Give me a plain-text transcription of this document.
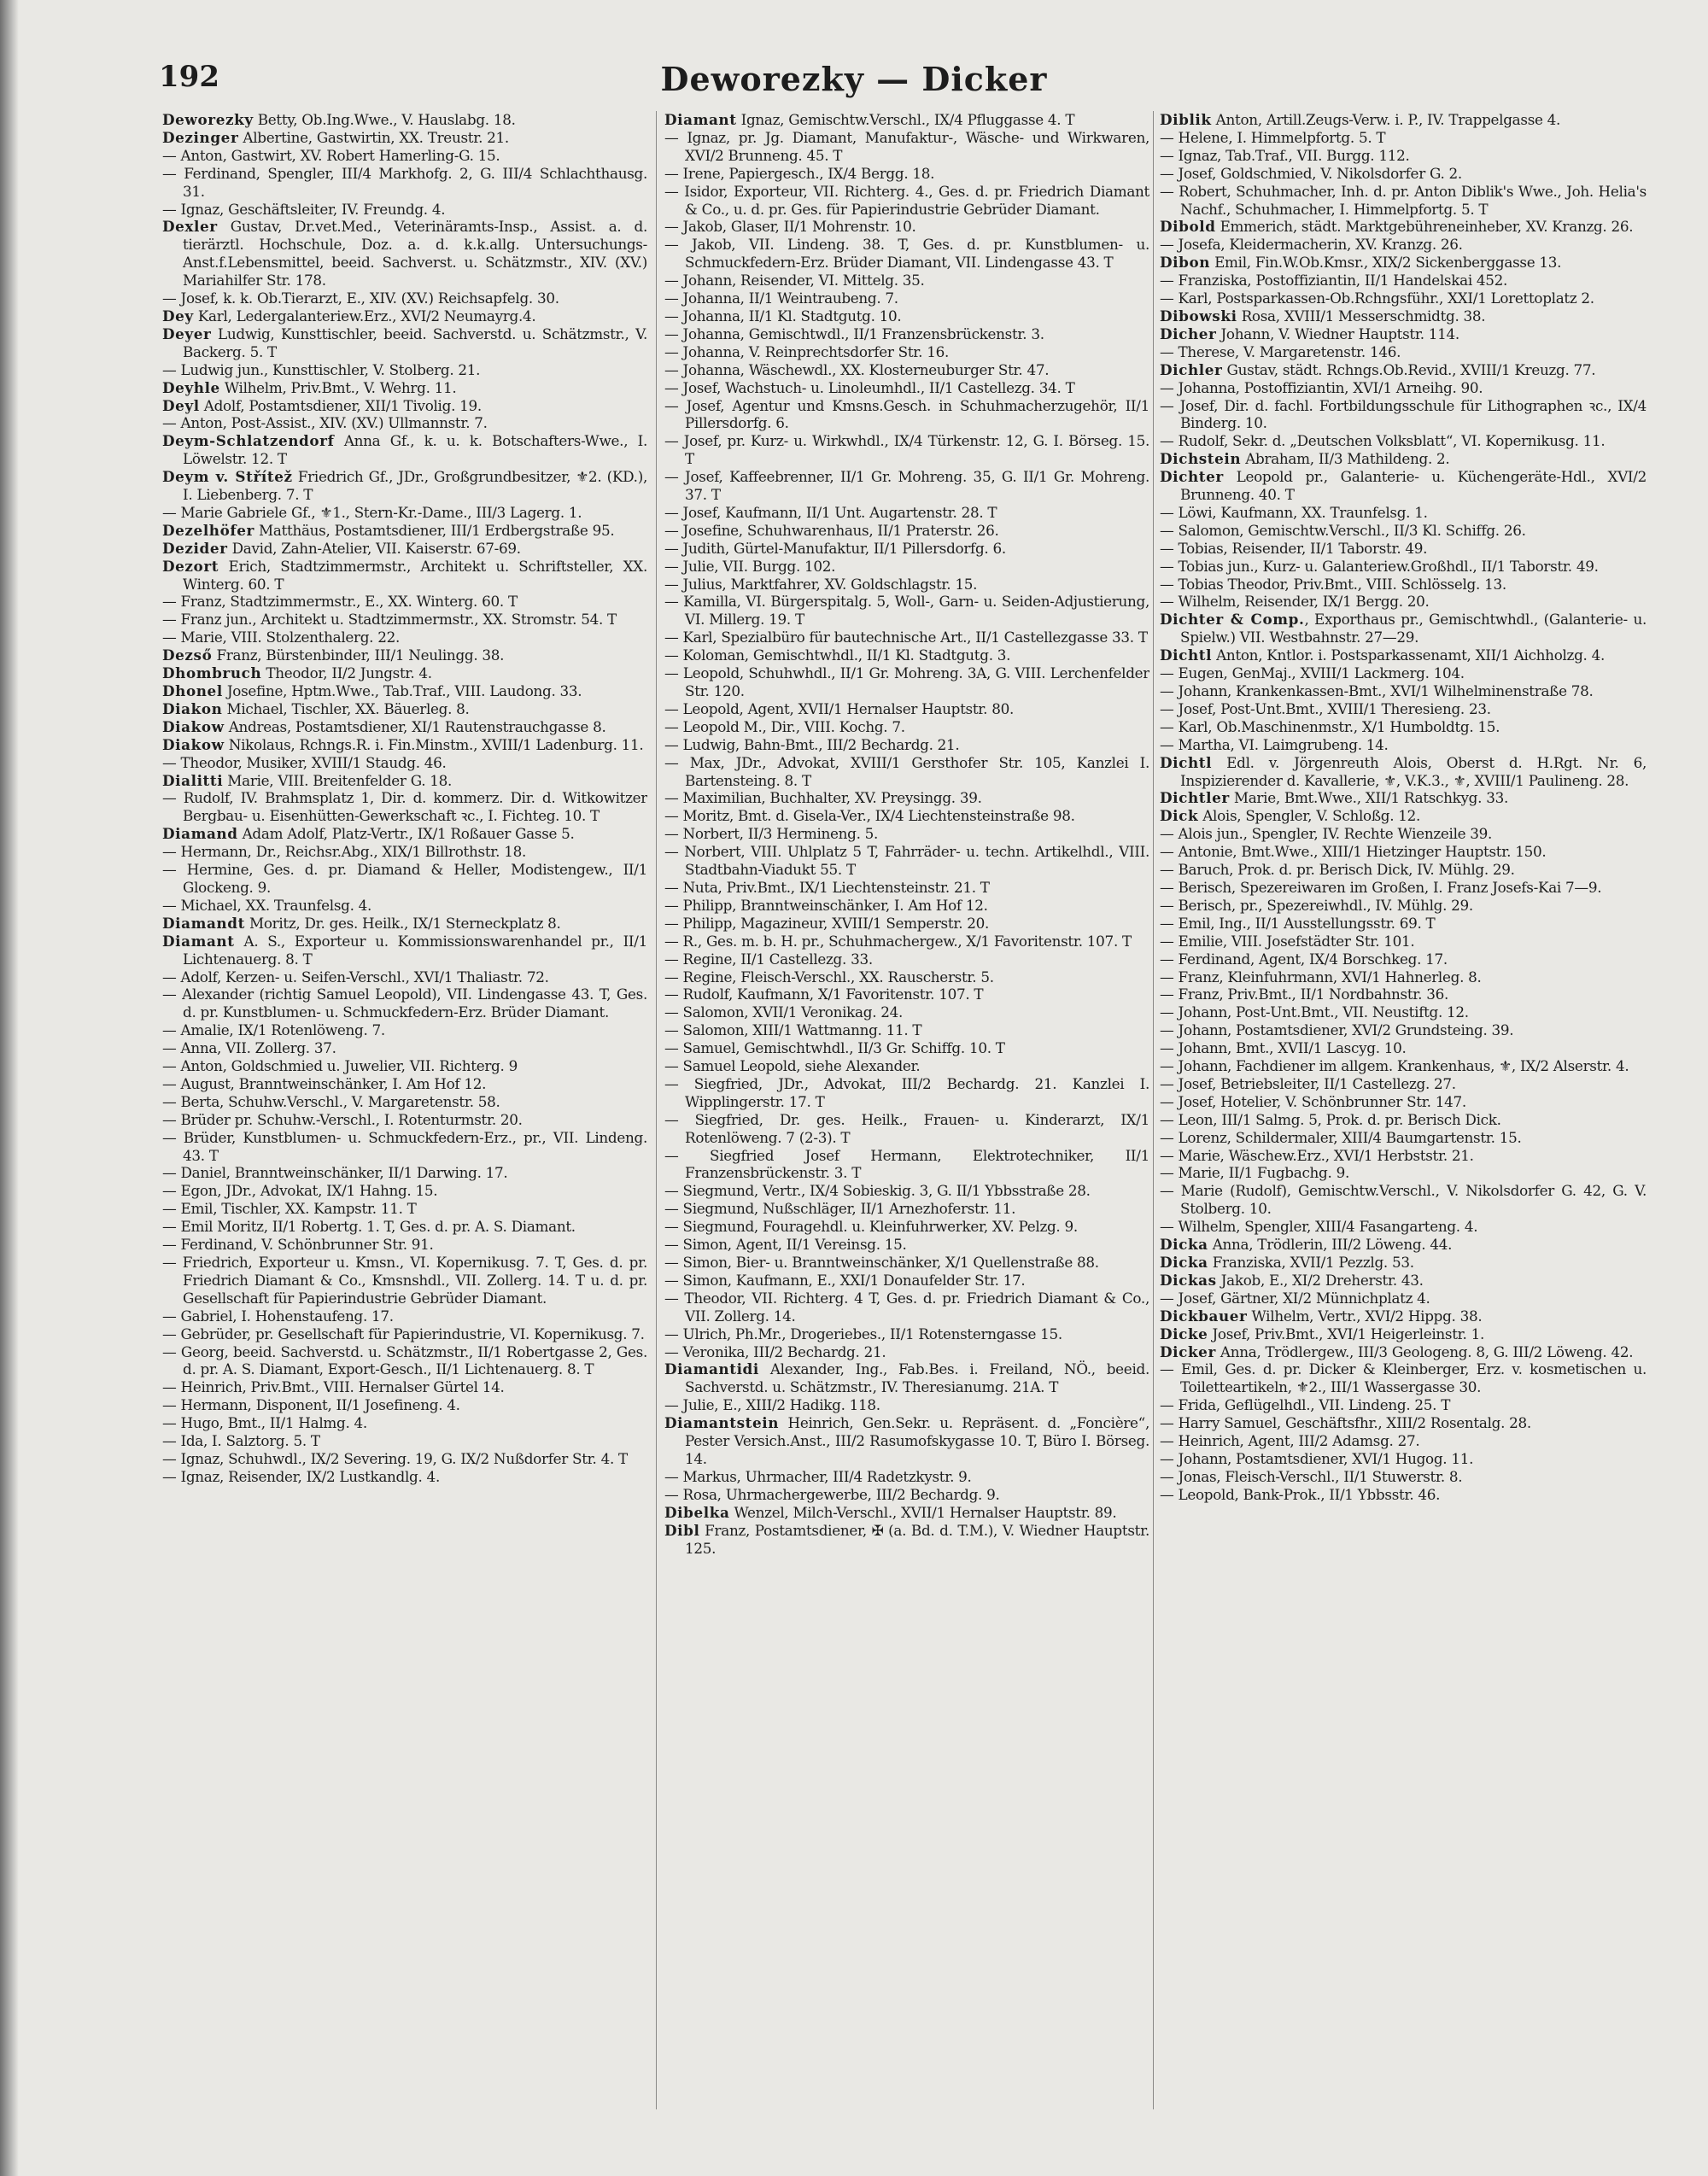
192	Deworezky — Dicker

Deworezky Betty, Ob.Ing.Wwe., V. Hauslabg. 18.

Dezinger Albertine, Gastwirtin, XX. Treustr. 21.

— Anton, Gastwirt, XV. Robert Hamerling-G. 15.

— Ferdinand, Spengler, III/4 Markhofg. 2, G. III/4 Schlachthausg. 31.

— Ignaz, Geschäftsleiter, IV. Freundg. 4.

Dexler Gustav, Dr.vet.Med., Veterinäramts-Insp., Assist. a. d. tierärztl. Hochschule, Doz. a. d. k.k.allg. Untersuchungs-Anst.f.Lebensmittel, beeid. Sachverst. u. Schätzmstr., XIV. (XV.) Mariahilfer Str. 178.

— Josef, k. k. Ob.Tierarzt, E., XIV. (XV.) Reichsapfelg. 30.

Dey Karl, Ledergalanteriew.Erz., XVI/2 Neumayrg.4.

Deyer Ludwig, Kunsttischler, beeid. Sachverstd. u. Schätzmstr., V. Backerg. 5. T

— Ludwig jun., Kunsttischler, V. Stolberg. 21.

Deyhle Wilhelm, Priv.Bmt., V. Wehrg. 11.

Deyl Adolf, Postamtsdiener, XII/1 Tivolig. 19.

— Anton, Post-Assist., XIV. (XV.) Ullmannstr. 7.

Deym-Schlatzendorf Anna Gf., k. u. k. Botschafters-Wwe., I. Löwelstr. 12. T

Deym v. Střítež Friedrich Gf., JDr., Großgrundbesitzer, ⚜2. (KD.), I. Liebenberg. 7. T

— Marie Gabriele Gf., ⚜1., Stern-Kr.-Dame., III/3 Lagerg. 1.

Dezelhöfer Matthäus, Postamtsdiener, III/1 Erdbergstraße 95.

Dezider David, Zahn-Atelier, VII. Kaiserstr. 67-69.

Dezort Erich, Stadtzimmermstr., Architekt u. Schriftsteller, XX. Winterg. 60. T

— Franz, Stadtzimmermstr., E., XX. Winterg. 60. T

— Franz jun., Architekt u. Stadtzimmermstr., XX. Stromstr. 54. T

— Marie, VIII. Stolzenthalerg. 22.

Dezső Franz, Bürstenbinder, III/1 Neulingg. 38.

Dhombruch Theodor, II/2 Jungstr. 4.

Dhonel Josefine, Hptm.Wwe., Tab.Traf., VIII. Laudong. 33.

Diakon Michael, Tischler, XX. Bäuerleg. 8.

Diakow Andreas, Postamtsdiener, XI/1 Rautenstrauchgasse 8.

Diakow Nikolaus, Rchngs.R. i. Fin.Minstm., XVIII/1 Ladenburg. 11.

— Theodor, Musiker, XVIII/1 Staudg. 46.

Dialitti Marie, VIII. Breitenfelder G. 18.

— Rudolf, IV. Brahmsplatz 1, Dir. d. kommerz. Dir. d. Witkowitzer Bergbau- u. Eisenhütten-Gewerkschaft ꝛc., I. Fichteg. 10. T

Diamand Adam Adolf, Platz-Vertr., IX/1 Roßauer Gasse 5.

— Hermann, Dr., Reichsr.Abg., XIX/1 Billrothstr. 18.

— Hermine, Ges. d. pr. Diamand & Heller, Modistengew., II/1 Glockeng. 9.

— Michael, XX. Traunfelsg. 4.

Diamandt Moritz, Dr. ges. Heilk., IX/1 Sterneckplatz 8.

Diamant A. S., Exporteur u. Kommissionswarenhandel pr., II/1 Lichtenauerg. 8. T

— Adolf, Kerzen- u. Seifen-Verschl., XVI/1 Thaliastr. 72.

— Alexander (richtig Samuel Leopold), VII. Lindengasse 43. T, Ges. d. pr. Kunstblumen- u. Schmuckfedern-Erz. Brüder Diamant.

— Amalie, IX/1 Rotenlöweng. 7.

— Anna, VII. Zollerg. 37.

— Anton, Goldschmied u. Juwelier, VII. Richterg. 9

— August, Branntweinschänker, I. Am Hof 12.

— Berta, Schuhw.Verschl., V. Margaretenstr. 58.

— Brüder pr. Schuhw.-Verschl., I. Rotenturmstr. 20.

— Brüder, Kunstblumen- u. Schmuckfedern-Erz., pr., VII. Lindeng. 43. T

— Daniel, Branntweinschänker, II/1 Darwing. 17.

— Egon, JDr., Advokat, IX/1 Hahng. 15.

— Emil, Tischler, XX. Kampstr. 11. T

— Emil Moritz, II/1 Robertg. 1. T, Ges. d. pr. A. S. Diamant.

— Ferdinand, V. Schönbrunner Str. 91.

— Friedrich, Exporteur u. Kmsn., VI. Kopernikusg. 7. T, Ges. d. pr. Friedrich Diamant & Co., Kmsnshdl., VII. Zollerg. 14. T u. d. pr. Gesellschaft für Papierindustrie Gebrüder Diamant.

— Gabriel, I. Hohenstaufeng. 17.

— Gebrüder, pr. Gesellschaft für Papierindustrie, VI. Kopernikusg. 7.

— Georg, beeid. Sachverstd. u. Schätzmstr., II/1 Robertgasse 2, Ges. d. pr. A. S. Diamant, Export-Gesch., II/1 Lichtenauerg. 8. T

— Heinrich, Priv.Bmt., VIII. Hernalser Gürtel 14.

— Hermann, Disponent, II/1 Josefineng. 4.

— Hugo, Bmt., II/1 Halmg. 4.

— Ida, I. Salztorg. 5. T

— Ignaz, Schuhwdl., IX/2 Severing. 19, G. IX/2 Nußdorfer Str. 4. T

— Ignaz, Reisender, IX/2 Lustkandlg. 4.

Diamant Ignaz, Gemischtw.Verschl., IX/4 Pfluggasse 4. T

— Ignaz, pr. Jg. Diamant, Manufaktur-, Wäsche- und Wirkwaren, XVI/2 Brunneng. 45. T

— Irene, Papiergesch., IX/4 Bergg. 18.

— Isidor, Exporteur, VII. Richterg. 4., Ges. d. pr. Friedrich Diamant & Co., u. d. pr. Ges. für Papierindustrie Gebrüder Diamant.

— Jakob, Glaser, II/1 Mohrenstr. 10.

— Jakob, VII. Lindeng. 38. T, Ges. d. pr. Kunstblumen- u. Schmuckfedern-Erz. Brüder Diamant, VII. Lindengasse 43. T

— Johann, Reisender, VI. Mittelg. 35.

— Johanna, II/1 Weintraubeng. 7.

— Johanna, II/1 Kl. Stadtgutg. 10.

— Johanna, Gemischtwdl., II/1 Franzensbrückenstr. 3.

— Johanna, V. Reinprechtsdorfer Str. 16.

— Johanna, Wäschewdl., XX. Klosterneuburger Str. 47.

— Josef, Wachstuch- u. Linoleumhdl., II/1 Castellezg. 34. T

— Josef, Agentur und Kmsns.Gesch. in Schuhmacherzugehör, II/1 Pillersdorfg. 6.

— Josef, pr. Kurz- u. Wirkwhdl., IX/4 Türkenstr. 12, G. I. Börseg. 15. T

— Josef, Kaffeebrenner, II/1 Gr. Mohreng. 35, G. II/1 Gr. Mohreng. 37. T

— Josef, Kaufmann, II/1 Unt. Augartenstr. 28. T

— Josefine, Schuhwarenhaus, II/1 Praterstr. 26.

— Judith, Gürtel-Manufaktur, II/1 Pillersdorfg. 6.

— Julie, VII. Burgg. 102.

— Julius, Marktfahrer, XV. Goldschlagstr. 15.

— Kamilla, VI. Bürgerspitalg. 5, Woll-, Garn- u. Seiden-Adjustierung, VI. Millerg. 19. T

— Karl, Spezialbüro für bautechnische Art., II/1 Castellezgasse 33. T

— Koloman, Gemischtwhdl., II/1 Kl. Stadtgutg. 3.

— Leopold, Schuhwhdl., II/1 Gr. Mohreng. 3A, G. VIII. Lerchenfelder Str. 120.

— Leopold, Agent, XVII/1 Hernalser Hauptstr. 80.

— Leopold M., Dir., VIII. Kochg. 7.

— Ludwig, Bahn-Bmt., III/2 Bechardg. 21.

— Max, JDr., Advokat, XVIII/1 Gersthofer Str. 105, Kanzlei I. Bartensteing. 8. T

— Maximilian, Buchhalter, XV. Preysingg. 39.

— Moritz, Bmt. d. Gisela-Ver., IX/4 Liechtensteinstraße 98.

— Norbert, II/3 Hermineng. 5.

— Norbert, VIII. Uhlplatz 5 T, Fahrräder- u. techn. Artikelhdl., VIII. Stadtbahn-Viadukt 55. T

— Nuta, Priv.Bmt., IX/1 Liechtensteinstr. 21. T

— Philipp, Branntweinschänker, I. Am Hof 12.

— Philipp, Magazineur, XVIII/1 Semperstr. 20.

— R., Ges. m. b. H. pr., Schuhmachergew., X/1 Favoritenstr. 107. T

— Regine, II/1 Castellezg. 33.

— Regine, Fleisch-Verschl., XX. Rauscherstr. 5.

— Rudolf, Kaufmann, X/1 Favoritenstr. 107. T

— Salomon, XVII/1 Veronikag. 24.

— Salomon, XIII/1 Wattmanng. 11. T

— Samuel, Gemischtwhdl., II/3 Gr. Schiffg. 10. T

— Samuel Leopold, siehe Alexander.

— Siegfried, JDr., Advokat, III/2 Bechardg. 21. Kanzlei I. Wipplingerstr. 17. T

— Siegfried, Dr. ges. Heilk., Frauen- u. Kinderarzt, IX/1 Rotenlöweng. 7 (2-3). T

— Siegfried Josef Hermann, Elektrotechniker, II/1 Franzensbrückenstr. 3. T

— Siegmund, Vertr., IX/4 Sobieskig. 3, G. II/1 Ybbsstraße 28.

— Siegmund, Nußschläger, II/1 Arnezhoferstr. 11.

— Siegmund, Fouragehdl. u. Kleinfuhrwerker, XV. Pelzg. 9.

— Simon, Agent, II/1 Vereinsg. 15.

— Simon, Bier- u. Branntweinschänker, X/1 Quellenstraße 88.

— Simon, Kaufmann, E., XXI/1 Donaufelder Str. 17.

— Theodor, VII. Richterg. 4 T, Ges. d. pr. Friedrich Diamant & Co., VII. Zollerg. 14.

— Ulrich, Ph.Mr., Drogeriebes., II/1 Rotensterngasse 15.

— Veronika, III/2 Bechardg. 21.

Diamantidi Alexander, Ing., Fab.Bes. i. Freiland, NÖ., beeid. Sachverstd. u. Schätzmstr., IV. Theresianumg. 21A. T

— Julie, E., XIII/2 Hadikg. 118.

Diamantstein Heinrich, Gen.Sekr. u. Repräsent. d. „Foncière“, Pester Versich.Anst., III/2 Rasumofskygasse 10. T, Büro I. Börseg. 14.

— Markus, Uhrmacher, III/4 Radetzkystr. 9.

— Rosa, Uhrmachergewerbe, III/2 Bechardg. 9.

Dibelka Wenzel, Milch-Verschl., XVII/1 Hernalser Hauptstr. 89.

Dibl Franz, Postamtsdiener, ✠ (a. Bd. d. T.M.), V. Wiedner Hauptstr. 125.

Diblik Anton, Artill.Zeugs-Verw. i. P., IV. Trappelgasse 4.

— Helene, I. Himmelpfortg. 5. T

— Ignaz, Tab.Traf., VII. Burgg. 112.

— Josef, Goldschmied, V. Nikolsdorfer G. 2.

— Robert, Schuhmacher, Inh. d. pr. Anton Diblik's Wwe., Joh. Helia's Nachf., Schuhmacher, I. Himmelpfortg. 5. T

Dibold Emmerich, städt. Marktgebühreneinheber, XV. Kranzg. 26.

— Josefa, Kleidermacherin, XV. Kranzg. 26.

Dibon Emil, Fin.W.Ob.Kmsr., XIX/2 Sickenberggasse 13.

— Franziska, Postoffiziantin, II/1 Handelskai 452.

— Karl, Postsparkassen-Ob.Rchngsführ., XXI/1 Lorettoplatz 2.

Dibowski Rosa, XVIII/1 Messerschmidtg. 38.

Dicher Johann, V. Wiedner Hauptstr. 114.

— Therese, V. Margaretenstr. 146.

Dichler Gustav, städt. Rchngs.Ob.Revid., XVIII/1 Kreuzg. 77.

— Johanna, Postoffiziantin, XVI/1 Arneihg. 90.

— Josef, Dir. d. fachl. Fortbildungsschule für Lithographen ꝛc., IX/4 Binderg. 10.

— Rudolf, Sekr. d. „Deutschen Volksblatt“, VI. Kopernikusg. 11.

Dichstein Abraham, II/3 Mathildeng. 2.

Dichter Leopold pr., Galanterie- u. Küchengeräte-Hdl., XVI/2 Brunneng. 40. T

— Löwi, Kaufmann, XX. Traunfelsg. 1.

— Salomon, Gemischtw.Verschl., II/3 Kl. Schiffg. 26.

— Tobias, Reisender, II/1 Taborstr. 49.

— Tobias jun., Kurz- u. Galanteriew.Großhdl., II/1 Taborstr. 49.

— Tobias Theodor, Priv.Bmt., VIII. Schlösselg. 13.

— Wilhelm, Reisender, IX/1 Bergg. 20.

Dichter & Comp., Exporthaus pr., Gemischtwhdl., (Galanterie- u. Spielw.) VII. Westbahnstr. 27—29.

Dichtl Anton, Kntlor. i. Postsparkassenamt, XII/1 Aichholzg. 4.

— Eugen, GenMaj., XVIII/1 Lackmerg. 104.

— Johann, Krankenkassen-Bmt., XVI/1 Wilhelminenstraße 78.

— Josef, Post-Unt.Bmt., XVIII/1 Theresieng. 23.

— Karl, Ob.Maschinenmstr., X/1 Humboldtg. 15.

— Martha, VI. Laimgrubeng. 14.

Dichtl Edl. v. Jörgenreuth Alois, Oberst d. H.Rgt. Nr. 6, Inspizierender d. Kavallerie, ⚜, V.K.3., ⚜, XVIII/1 Paulineng. 28.

Dichtler Marie, Bmt.Wwe., XII/1 Ratschkyg. 33.

Dick Alois, Spengler, V. Schloßg. 12.

— Alois jun., Spengler, IV. Rechte Wienzeile 39.

— Antonie, Bmt.Wwe., XIII/1 Hietzinger Hauptstr. 150.

— Baruch, Prok. d. pr. Berisch Dick, IV. Mühlg. 29.

— Berisch, Spezereiwaren im Großen, I. Franz Josefs-Kai 7—9.

— Berisch, pr., Spezereiwhdl., IV. Mühlg. 29.

— Emil, Ing., II/1 Ausstellungsstr. 69. T

— Emilie, VIII. Josefstädter Str. 101.

— Ferdinand, Agent, IX/4 Borschkeg. 17.

— Franz, Kleinfuhrmann, XVI/1 Hahnerleg. 8.

— Franz, Priv.Bmt., II/1 Nordbahnstr. 36.

— Johann, Post-Unt.Bmt., VII. Neustiftg. 12.

— Johann, Postamtsdiener, XVI/2 Grundsteing. 39.

— Johann, Bmt., XVII/1 Lascyg. 10.

— Johann, Fachdiener im allgem. Krankenhaus, ⚜, IX/2 Alserstr. 4.

— Josef, Betriebsleiter, II/1 Castellezg. 27.

— Josef, Hotelier, V. Schönbrunner Str. 147.

— Leon, III/1 Salmg. 5, Prok. d. pr. Berisch Dick.

— Lorenz, Schildermaler, XIII/4 Baumgartenstr. 15.

— Marie, Wäschew.Erz., XVI/1 Herbststr. 21.

— Marie, II/1 Fugbachg. 9.

— Marie (Rudolf), Gemischtw.Verschl., V. Nikolsdorfer G. 42, G. V. Stolberg. 10.

— Wilhelm, Spengler, XIII/4 Fasangarteng. 4.

Dicka Anna, Trödlerin, III/2 Löweng. 44.

Dicka Franziska, XVII/1 Pezzlg. 53.

Dickas Jakob, E., XI/2 Dreherstr. 43.

— Josef, Gärtner, XI/2 Münnichplatz 4.

Dickbauer Wilhelm, Vertr., XVI/2 Hippg. 38.

Dicke Josef, Priv.Bmt., XVI/1 Heigerleinstr. 1.

Dicker Anna, Trödlergew., III/3 Geologeng. 8, G. III/2 Löweng. 42.

— Emil, Ges. d. pr. Dicker & Kleinberger, Erz. v. kosmetischen u. Toiletteartikeln, ⚜2., III/1 Wassergasse 30.

— Frida, Geflügelhdl., VII. Lindeng. 25. T

— Harry Samuel, Geschäftsfhr., XIII/2 Rosentalg. 28.

— Heinrich, Agent, III/2 Adamsg. 27.

— Johann, Postamtsdiener, XVI/1 Hugog. 11.

— Jonas, Fleisch-Verschl., II/1 Stuwerstr. 8.

— Leopold, Bank-Prok., II/1 Ybbsstr. 46.
